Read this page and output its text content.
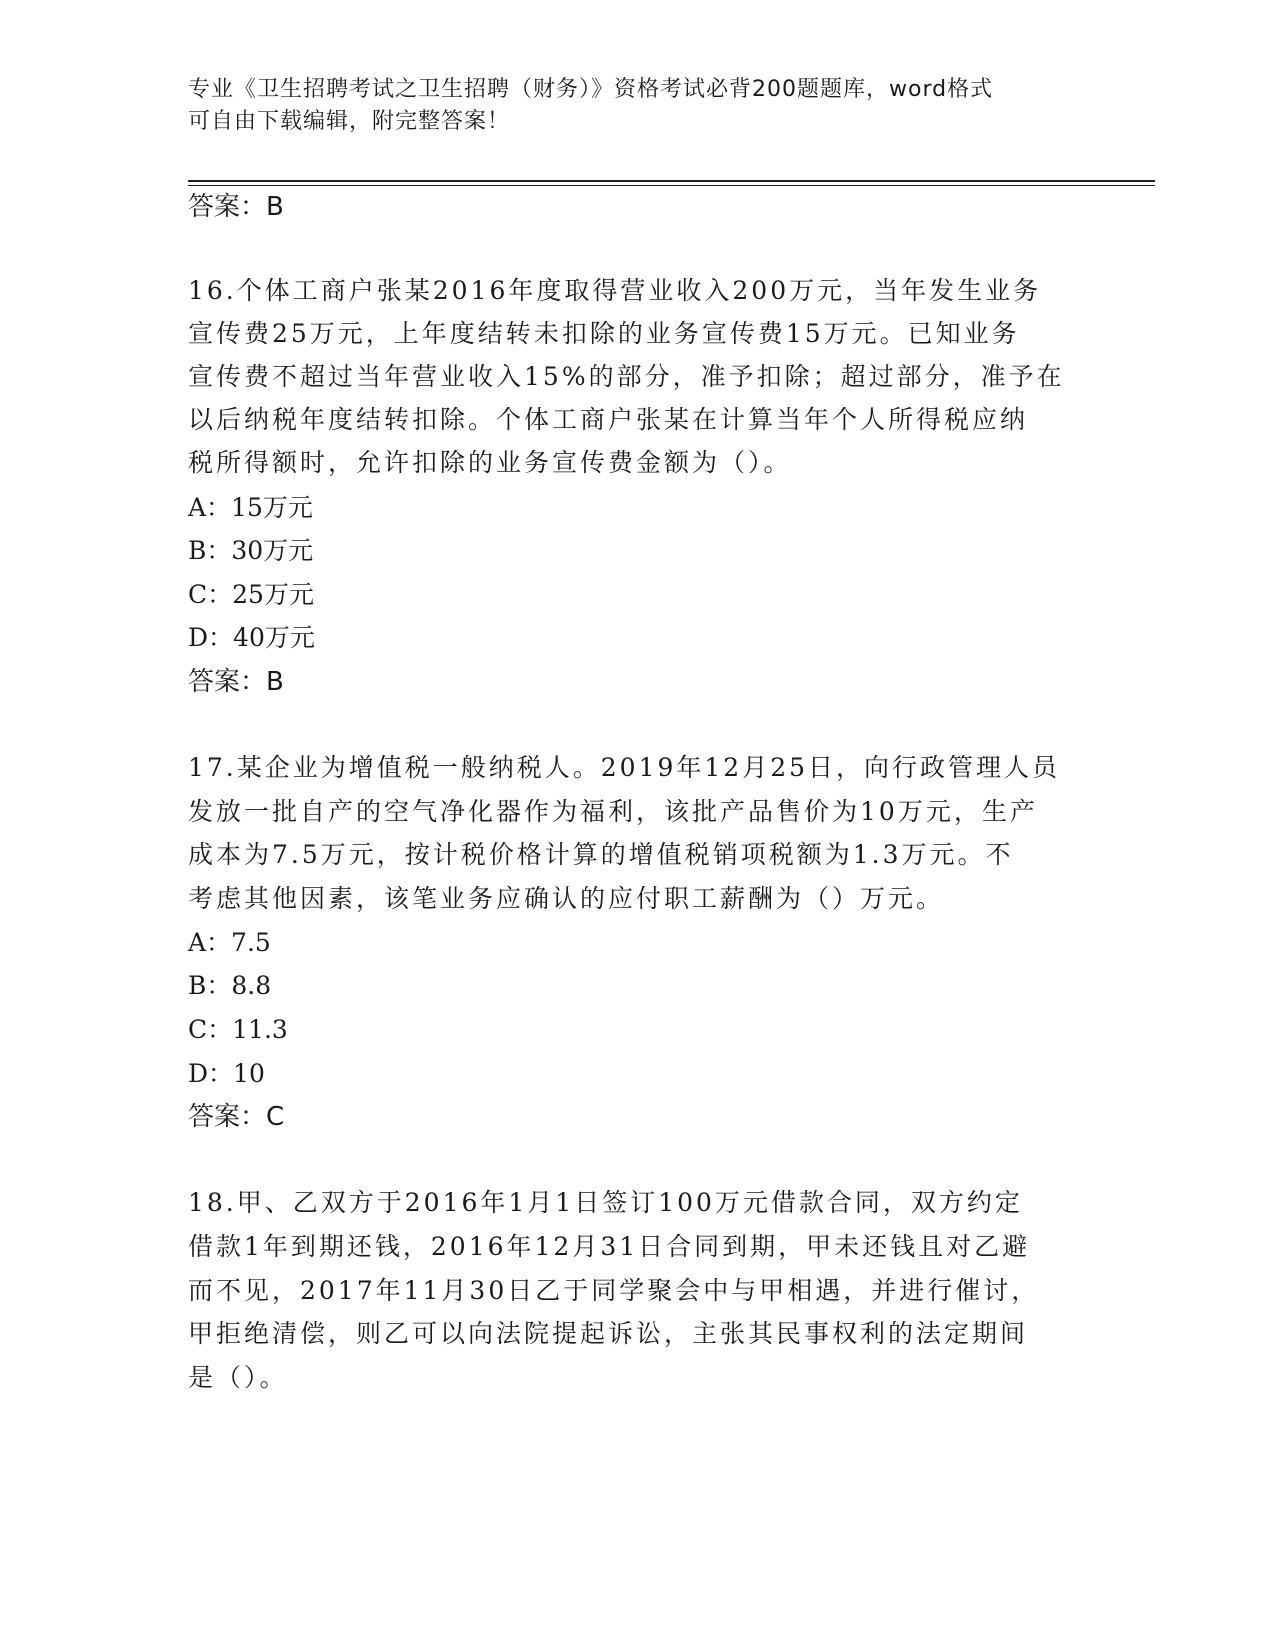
专业《卫生招聘考试之卫生招聘（财务）》资格考试必背200题题库，word格式
可自由下载编辑，附完整答案！

答案：B

16.个体工商户张某2016年度取得营业收入200万元，当年发生业务

宣传费25万元，上年度结转未扣除的业务宣传费15万元。已知业务

宣传费不超过当年营业收入15%的部分，准予扣除；超过部分，准予在

以后纳税年度结转扣除。个体工商户张某在计算当年个人所得税应纳

税所得额时，允许扣除的业务宣传费金额为（）。

A：15万元

B：30万元

C：25万元

D：40万元

答案：B

17.某企业为增值税一般纳税人。2019年12月25日，向行政管理人员

发放一批自产的空气净化器作为福利，该批产品售价为10万元，生产

成本为7.5万元，按计税价格计算的增值税销项税额为1.3万元。不

考虑其他因素，该笔业务应确认的应付职工薪酬为（）万元。

A：7.5

B：8.8

C：11.3

D：10

答案：C

18.甲、乙双方于2016年1月1日签订100万元借款合同，双方约定

借款1年到期还钱，2016年12月31日合同到期，甲未还钱且对乙避

而不见，2017年11月30日乙于同学聚会中与甲相遇，并进行催讨，

甲拒绝清偿，则乙可以向法院提起诉讼，主张其民事权利的法定期间

是（）。
